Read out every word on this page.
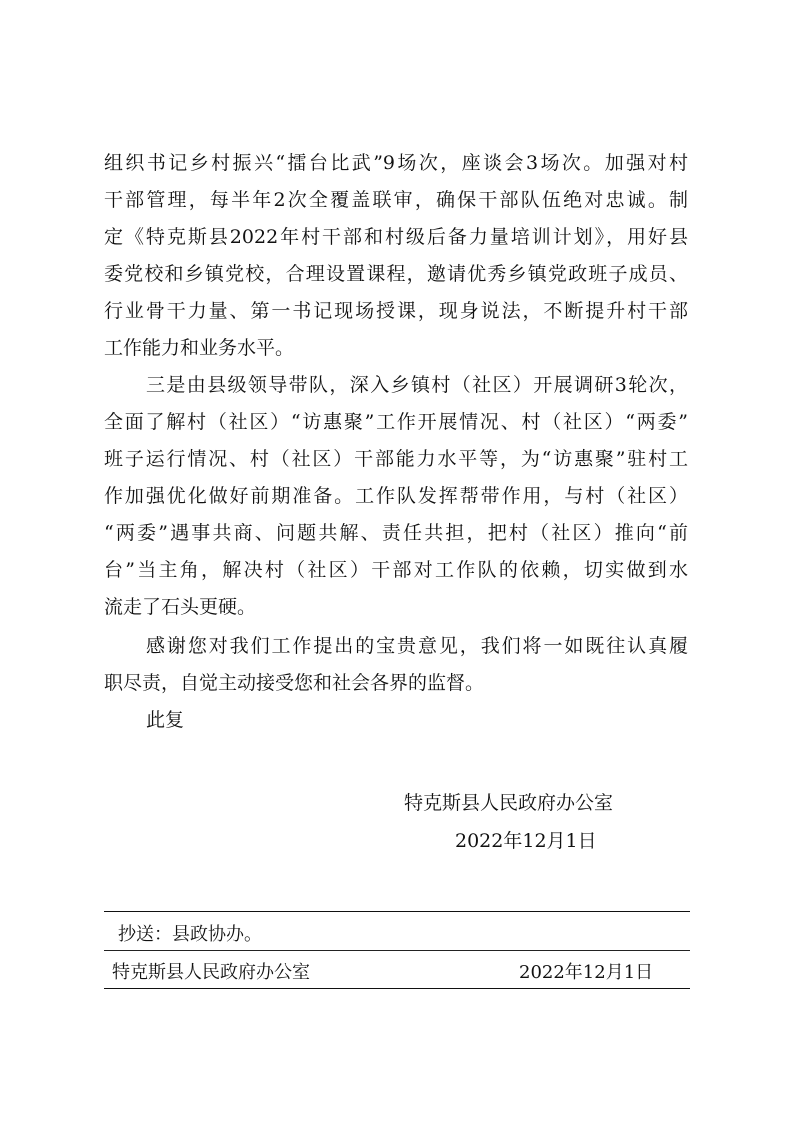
组织书记乡村振兴“擂台比武”9场次，座谈会3场次。加强对村
干部管理，每半年2次全覆盖联审，确保干部队伍绝对忠诚。制
定《特克斯县2022年村干部和村级后备力量培训计划》，用好县
委党校和乡镇党校，合理设置课程，邀请优秀乡镇党政班子成员、
行业骨干力量、第一书记现场授课，现身说法，不断提升村干部
工作能力和业务水平。
三是由县级领导带队，深入乡镇村（社区）开展调研3轮次，
全面了解村（社区）“访惠聚”工作开展情况、村（社区）“两委”
班子运行情况、村（社区）干部能力水平等，为“访惠聚”驻村工
作加强优化做好前期准备。工作队发挥帮带作用，与村（社区）
“两委”遇事共商、问题共解、责任共担，把村（社区）推向“前
台”当主角，解决村（社区）干部对工作队的依赖，切实做到水
流走了石头更硬。
感谢您对我们工作提出的宝贵意见，我们将一如既往认真履
职尽责，自觉主动接受您和社会各界的监督。
此复
特克斯县人民政府办公室
2022年12月1日
抄送：县政协办。
特克斯县人民政府办公室	2022年12月1日
